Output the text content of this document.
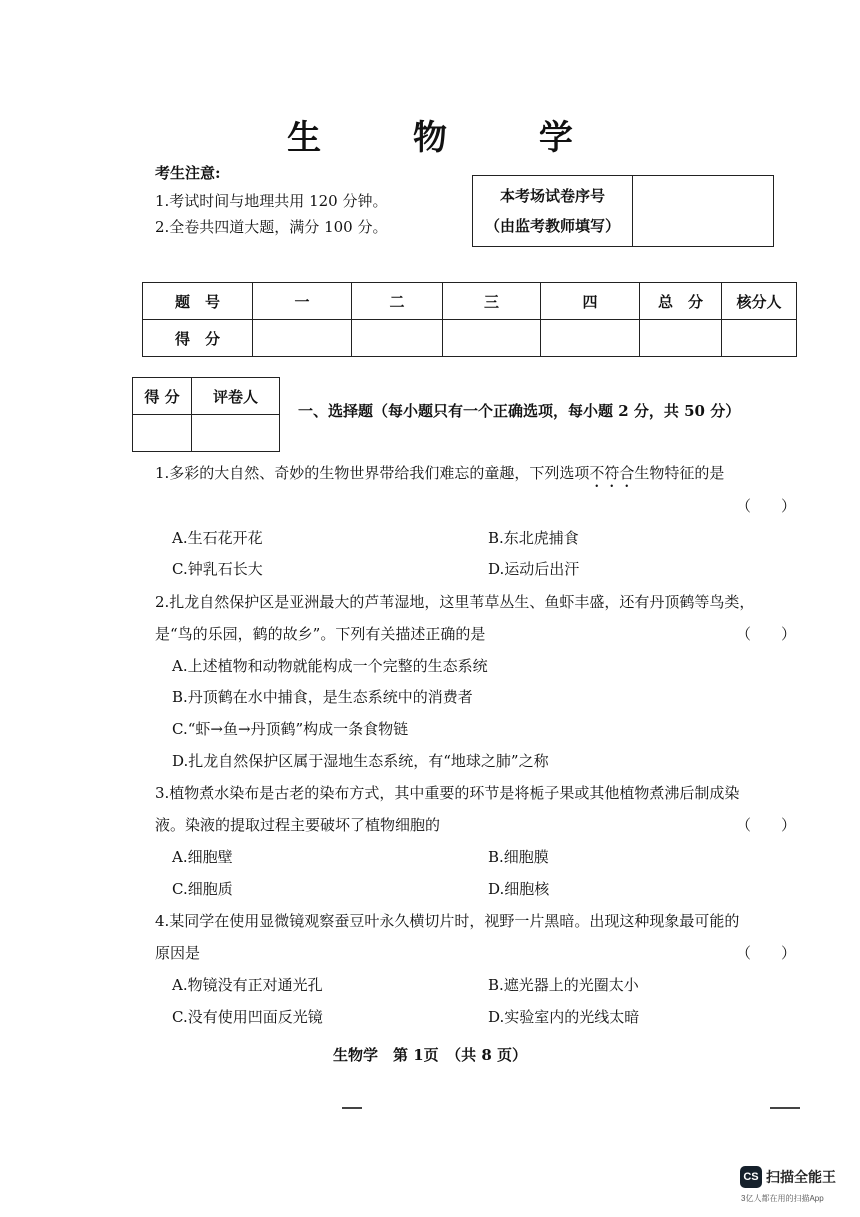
生 物 学
考生注意:
1.考试时间与地理共用 120 分钟。
2.全卷共四道大题，满分 100 分。
本考场试卷序号
（由监考教师填写）

题　号	一	二	三	四	总　分	核分人
得　分						
得 分	评卷人

一、选择题（每小题只有一个正确选项，每小题 2 分，共 50 分）
1.多彩的大自然、奇妙的生物世界带给我们难忘的童趣，下列选项不符合生物特征的是
（　　）
A.生石花开花	B.东北虎捕食
C.钟乳石长大	D.运动后出汗
2.扎龙自然保护区是亚洲最大的芦苇湿地，这里苇草丛生、鱼虾丰盛，还有丹顶鹤等鸟类，
是“鸟的乐园，鹤的故乡”。下列有关描述正确的是	（　　）
A.上述植物和动物就能构成一个完整的生态系统
B.丹顶鹤在水中捕食，是生态系统中的消费者
C.“虾→鱼→丹顶鹤”构成一条食物链
D.扎龙自然保护区属于湿地生态系统，有“地球之肺”之称
3.植物煮水染布是古老的染布方式，其中重要的环节是将栀子果或其他植物煮沸后制成染
液。染液的提取过程主要破坏了植物细胞的	（　　）
A.细胞壁	B.细胞膜
C.细胞质	D.细胞核
4.某同学在使用显微镜观察蚕豆叶永久横切片时，视野一片黑暗。出现这种现象最可能的
原因是	（　　）
A.物镜没有正对通光孔	B.遮光器上的光圈太小
C.没有使用凹面反光镜	D.实验室内的光线太暗
生物学　第 1页　（共 8 页）
CS 扫描全能王
3亿人都在用的扫描App
